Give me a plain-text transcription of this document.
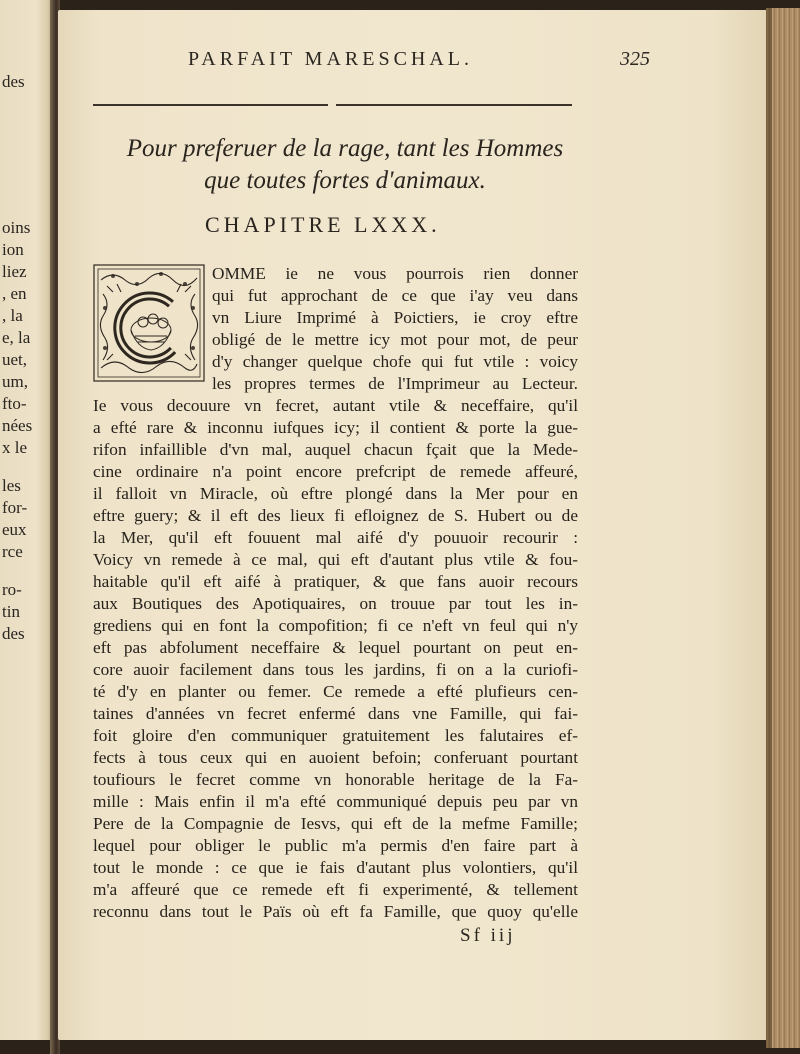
des
oins
ion
liez
, en
, la
e, la
uet,
um,
fto-
nées
x le
les
for-
eux
rce
ro-
tin
des
PARFAIT MARESCHAL.	325
Pour preferuer de la rage, tant les Hommes
que toutes fortes d'animaux.
CHAPITRE LXXX.
OMME ie ne vous pourrois rien donner
qui fut approchant de ce que i'ay veu dans
vn Liure Imprimé à Poictiers, ie croy eftre
obligé de le mettre icy mot pour mot, de peur
d'y changer quelque chofe qui fut vtile : voicy
les propres termes de l'Imprimeur au Lecteur.
Ie vous decouure vn fecret, autant vtile & neceffaire, qu'il
a efté rare & inconnu iufques icy; il contient & porte la gue-
rifon infaillible d'vn mal, auquel chacun fçait que la Mede-
cine ordinaire n'a point encore prefcript de remede affeuré,
il falloit vn Miracle, où eftre plongé dans la Mer pour en
eftre guery; & il eft des lieux fi efloignez de S. Hubert ou de
la Mer, qu'il eft fouuent mal aifé d'y pouuoir recourir :
Voicy vn remede à ce mal, qui eft d'autant plus vtile & fou-
haitable qu'il eft aifé à pratiquer, & que fans auoir recours
aux Boutiques des Apotiquaires, on trouue par tout les in-
grediens qui en font la compofition; fi ce n'eft vn feul qui n'y
eft pas abfolument neceffaire & lequel pourtant on peut en-
core auoir facilement dans tous les jardins, fi on a la curiofi-
té d'y en planter ou femer. Ce remede a efté plufieurs cen-
taines d'années vn fecret enfermé dans vne Famille, qui fai-
foit gloire d'en communiquer gratuitement les falutaires ef-
fects à tous ceux qui en auoient befoin; conferuant pourtant
toufiours le fecret comme vn honorable heritage de la Fa-
mille : Mais enfin il m'a efté communiqué depuis peu par vn
Pere de la Compagnie de Iesvs, qui eft de la mefme Famille;
lequel pour obliger le public m'a permis d'en faire part à
tout le monde : ce que ie fais d'autant plus volontiers, qu'il
m'a affeuré que ce remede eft fi experimenté, & tellement
reconnu dans tout le Païs où eft fa Famille, que quoy qu'elle
Sf iij
